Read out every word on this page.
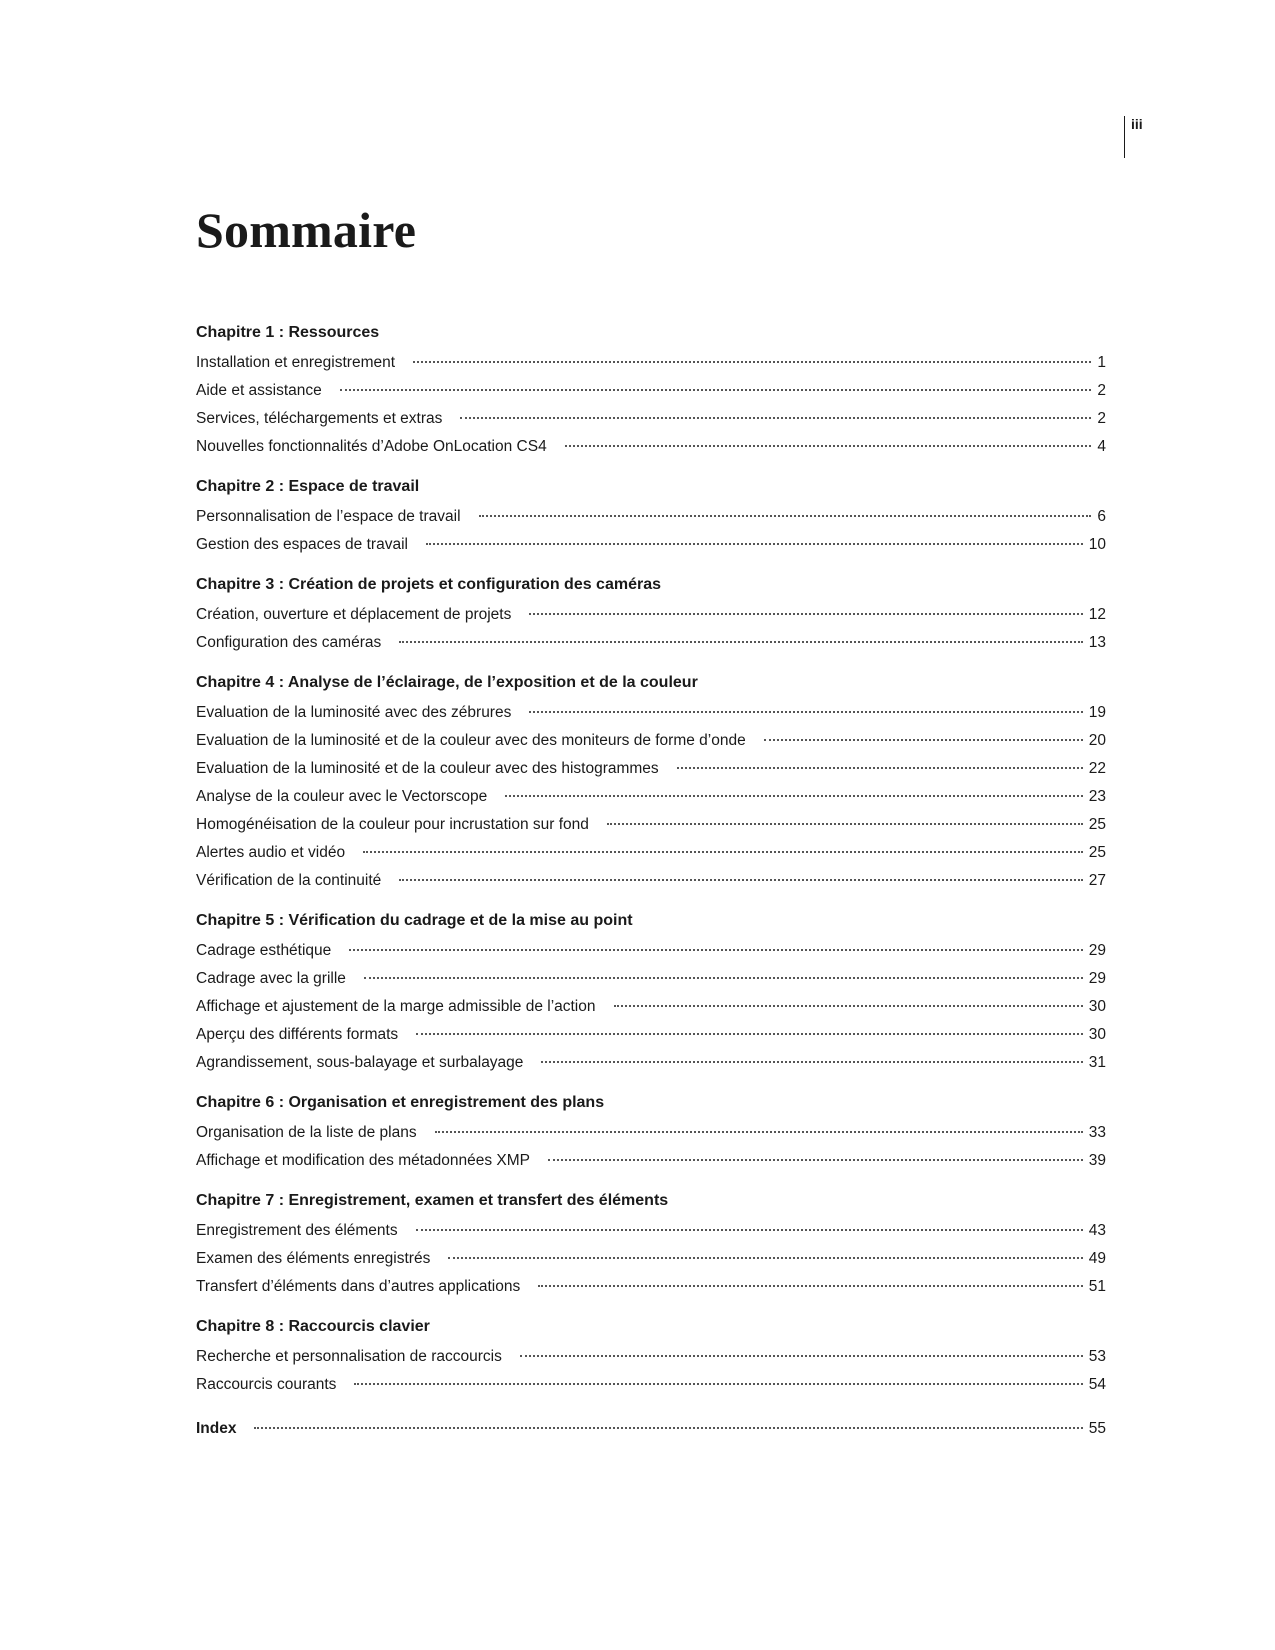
iii
Sommaire
Chapitre 1 : Ressources
Installation et enregistrement	1
Aide et assistance	2
Services, téléchargements et extras	2
Nouvelles fonctionnalités d’Adobe OnLocation CS4	4
Chapitre 2 : Espace de travail
Personnalisation de l’espace de travail	6
Gestion des espaces de travail	10
Chapitre 3 : Création de projets et configuration des caméras
Création, ouverture et déplacement de projets	12
Configuration des caméras	13
Chapitre 4 : Analyse de l’éclairage, de l’exposition et de la couleur
Evaluation de la luminosité avec des zébrures	19
Evaluation de la luminosité et de la couleur avec des moniteurs de forme d’onde	20
Evaluation de la luminosité et de la couleur avec des histogrammes	22
Analyse de la couleur avec le Vectorscope	23
Homogénéisation de la couleur pour incrustation sur fond	25
Alertes audio et vidéo	25
Vérification de la continuité	27
Chapitre 5 : Vérification du cadrage et de la mise au point
Cadrage esthétique	29
Cadrage avec la grille	29
Affichage et ajustement de la marge admissible de l’action	30
Aperçu des différents formats	30
Agrandissement, sous-balayage et surbalayage	31
Chapitre 6 : Organisation et enregistrement des plans
Organisation de la liste de plans	33
Affichage et modification des métadonnées XMP	39
Chapitre 7 : Enregistrement, examen et transfert des éléments
Enregistrement des éléments	43
Examen des éléments enregistrés	49
Transfert d’éléments dans d’autres applications	51
Chapitre 8 : Raccourcis clavier
Recherche et personnalisation de raccourcis	53
Raccourcis courants	54
Index	55
